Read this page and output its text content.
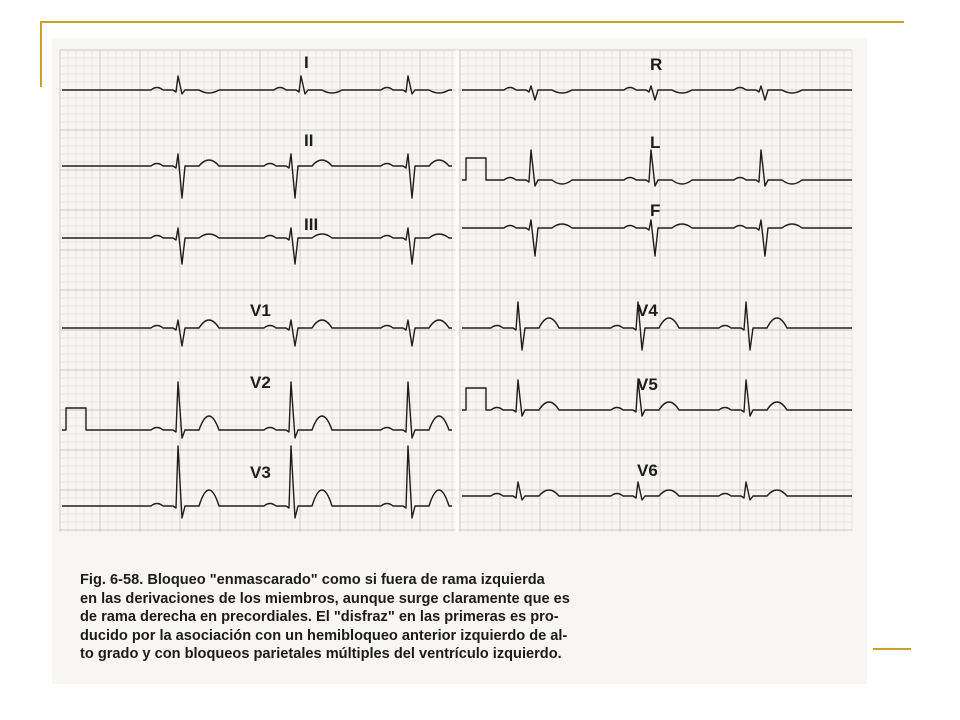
I
II
III
R
L
F
V1
V2
V3
V4
V5
V6
Fig. 6-58. Bloqueo "enmascarado" como si fuera de rama izquierda
en las derivaciones de los miembros, aunque surge claramente que es
de rama derecha en precordiales. El "disfraz" en las primeras es pro-
ducido por la asociación con un hemibloqueo anterior izquierdo de al-
to grado y con bloqueos parietales múltiples del ventrículo izquierdo.
